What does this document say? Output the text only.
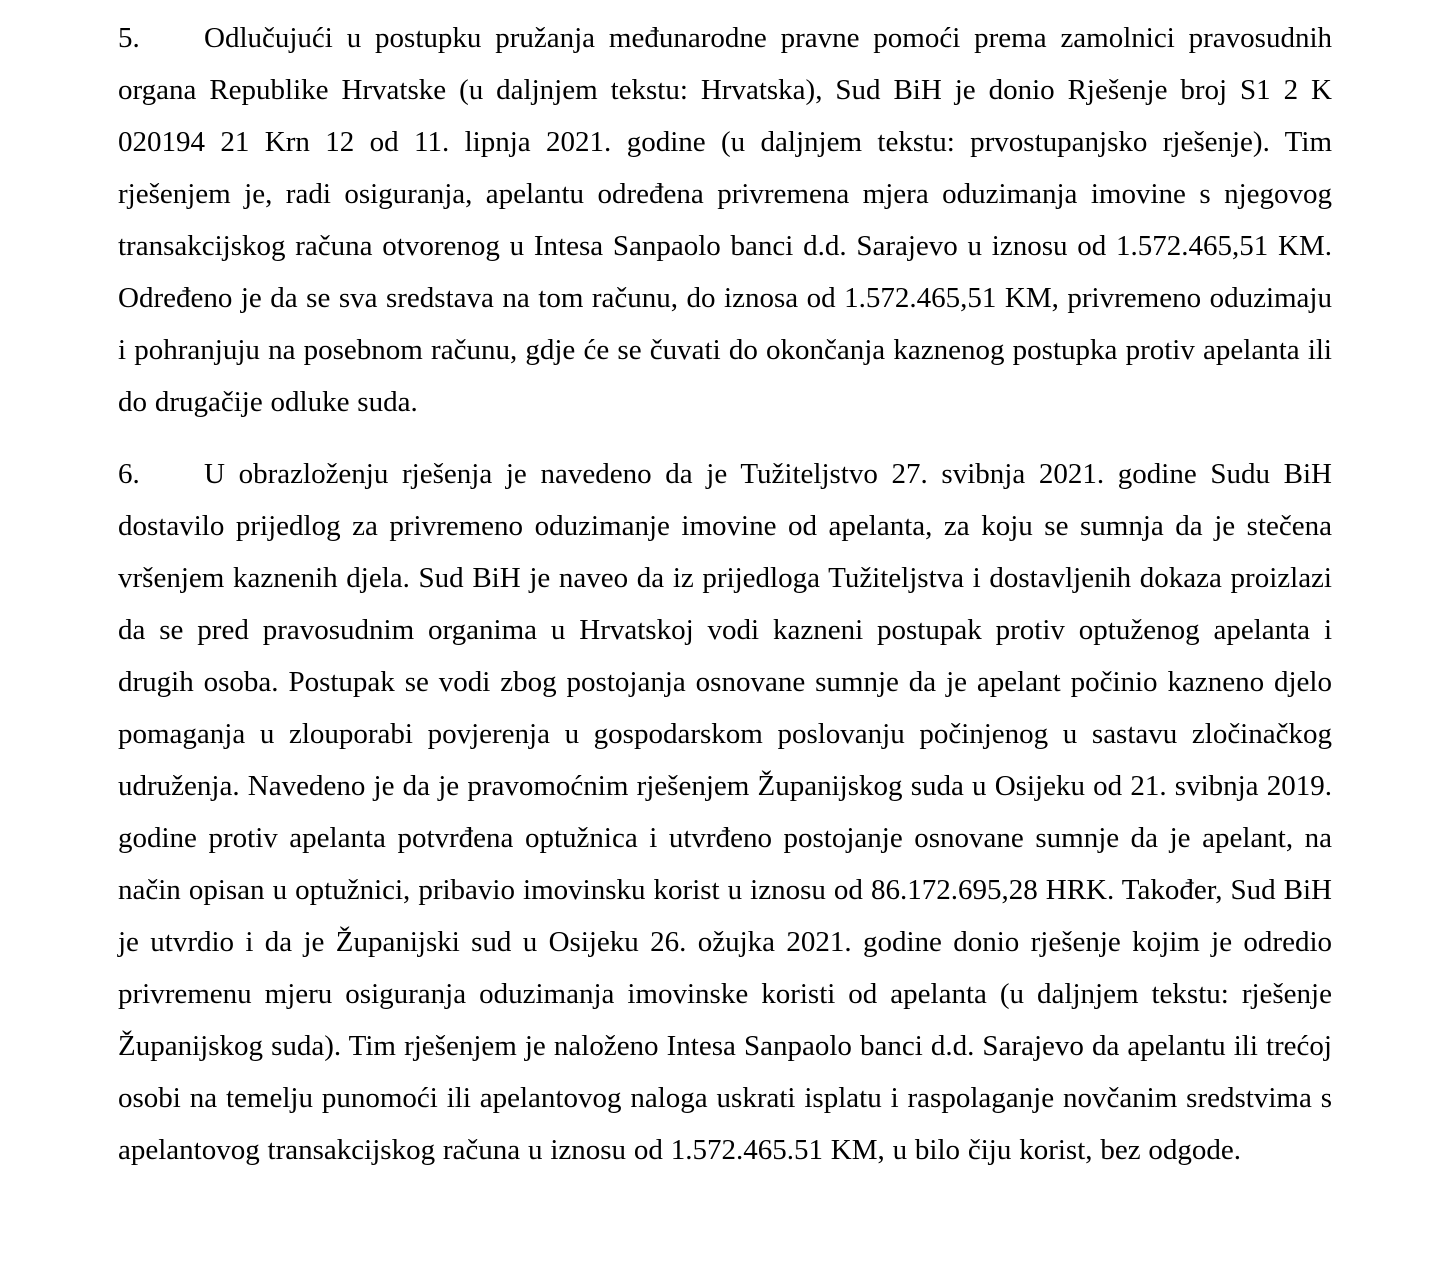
5. Odlučujući u postupku pružanja međunarodne pravne pomoći prema zamolnici pravosudnih organa Republike Hrvatske (u daljnjem tekstu: Hrvatska), Sud BiH je donio Rješenje broj S1 2 K 020194 21 Krn 12 od 11. lipnja 2021. godine (u daljnjem tekstu: prvostupanjsko rješenje). Tim rješenjem je, radi osiguranja, apelantu određena privremena mjera oduzimanja imovine s njegovog transakcijskog računa otvorenog u Intesa Sanpaolo banci d.d. Sarajevo u iznosu od 1.572.465,51 KM. Određeno je da se sva sredstava na tom računu, do iznosa od 1.572.465,51 KM, privremeno oduzimaju i pohranjuju na posebnom računu, gdje će se čuvati do okončanja kaznenog postupka protiv apelanta ili do drugačije odluke suda.

6. U obrazloženju rješenja je navedeno da je Tužiteljstvo 27. svibnja 2021. godine Sudu BiH dostavilo prijedlog za privremeno oduzimanje imovine od apelanta, za koju se sumnja da je stečena vršenjem kaznenih djela. Sud BiH je naveo da iz prijedloga Tužiteljstva i dostavljenih dokaza proizlazi da se pred pravosudnim organima u Hrvatskoj vodi kazneni postupak protiv optuženog apelanta i drugih osoba. Postupak se vodi zbog postojanja osnovane sumnje da je apelant počinio kazneno djelo pomaganja u zlouporabi povjerenja u gospodarskom poslovanju počinjenog u sastavu zločinačkog udruženja. Navedeno je da je pravomoćnim rješenjem Županijskog suda u Osijeku od 21. svibnja 2019. godine protiv apelanta potvrđena optužnica i utvrđeno postojanje osnovane sumnje da je apelant, na način opisan u optužnici, pribavio imovinsku korist u iznosu od 86.172.695,28 HRK. Također, Sud BiH je utvrdio i da je Županijski sud u Osijeku 26. ožujka 2021. godine donio rješenje kojim je odredio privremenu mjeru osiguranja oduzimanja imovinske koristi od apelanta (u daljnjem tekstu: rješenje Županijskog suda). Tim rješenjem je naloženo Intesa Sanpaolo banci d.d. Sarajevo da apelantu ili trećoj osobi na temelju punomoći ili apelantovog naloga uskrati isplatu i raspolaganje novčanim sredstvima s apelantovog transakcijskog računa u iznosu od 1.572.465.51 KM, u bilo čiju korist, bez odgode.
